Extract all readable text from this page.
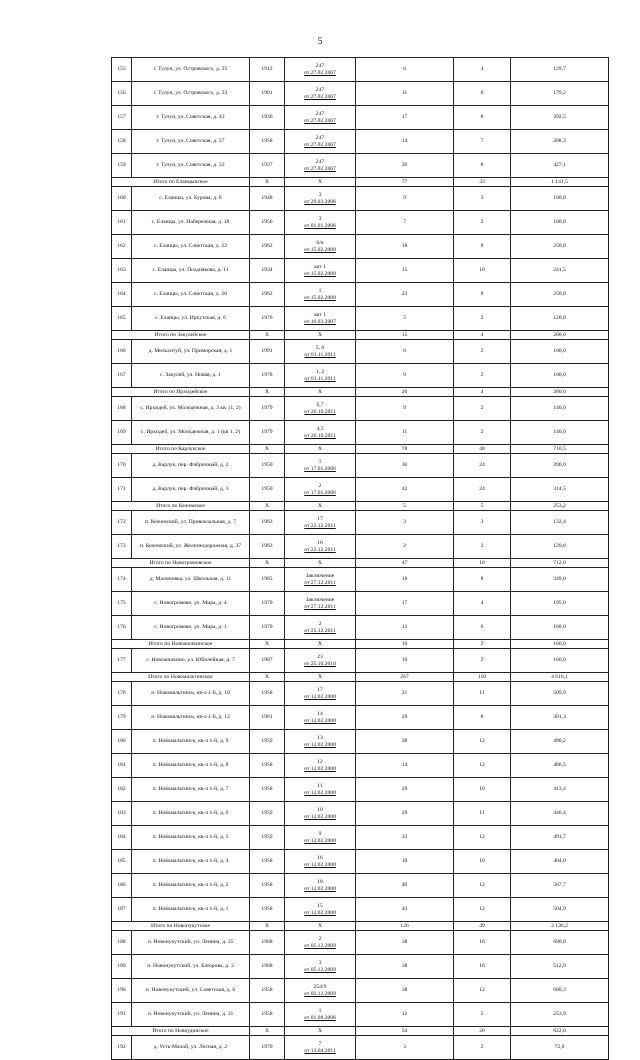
5
155	г. Тулун, ул. Островского, д. 25	1912	247
от 27.02.2007	6	4	129,7
156	г. Тулун, ул. Островского, д. 23	1901	247
от 27.02.2007	11	6	179,2
157	г. Тулун, ул. Советская, д. 43	1936	247
от 27.02.2007	17	8	392,5
158	г. Тулун, ул. Советская, д. 57	1958	247
от 27.02.2007	14	7	208,3
159	г. Тулун, ул. Советская, д. 33	1937	247
от 27.02.2007	20	8	427,1
Итого по Еланцынское		Х	Х	77	33	1 141,5
160	с. Еланцы, ул. Бурова, д. 8	1948	3
от 29.03.2006	9	3	100,0
161	с. Еланцы, ул. Набережная, д. 18	1956	3
от 01.01.2006	7	2	180,0
162	с. Еланцы, ул. Советская, д. 22	1962	6/н
от 15.02.2008	18	8	250,0
163	с. Еланцы, ул. Позднякова, д. 11	1934	акт 1
от 15.02.2008	15	10	241,5
164	с. Еланцы, ул. Советская, д. 20	1962	1
от 15.02.2008	23	8	250,0
165	с. Еланцы, ул. Иркутская, д. 6	1976	акт 1
от 16.03.2007	5	2	120,0
Итого по Закулейское		Х	Х	15	4	200,0
166	д. Мельхитуй, ул. Приморская, д. 1	1991	5, 6
от 01.11.2011	6	2	100,0
167	с. Закулей, ул. Новая, д. 1	1978	1, 2
от 01.11.2011	9	2	100,0
Итого по Ирхидейское		Х	Х	20	4	280,0
168	с. Ирхидей, ул. Молодежная, д. 3 кв. (1, 2)	1979	6,7
от 26.10.2011	9	2	140,0
169	с. Ирхидей, ул. Молодежная, д. 1 (кв 1, 2)	1979	4,5
от 26.10.2011	11	2	140,0
Итого по Карлукское		Х	Х	78	48	710,5
170	д. Карлук, пер. Фабричный, д. 2	1950	1
от 17.01.2006	36	24	396,0
171	д. Карлук, пер. Фабричный, д. 3	1950	2
от 17.01.2006	42	24	314,5
Итого по Кежемское		Х	Х	5	5	253,2
172	п. Кежемский, ул. Привокзальная, д. 7	1963	17
от 22.12.2011	3	3	132,4
173	п. Кежемский, ул. Железнодорожная, д. 37	1963	16
от 22.12.2011	2	2	120,8
Итого по Новогромовское		Х	Х	47	18	712,0
174	д. Малиновка, ул. Школьная, д. 11	1965	Заключение
от 27.12.2011	18	8	349,0
175	с. Новогромово, ул. Мира, д. 4	1970	Заключение
от 27.12.2011	17	4	195,0
176	с. Новогромово, ул. Мира, д. 1	1970	2
от 25.12.2011	12	6	168,0
Итого по Новожилкинское		Х	Х	10	2	160,0
177	с. Новожилкино, ул. Юбилейная, д. 7	1987	23
от 25.10.2010	10	2	160,0
Итого по Новомальтинское		Х	Х	267	110	4 616,1
178	п. Новомальтинск, кв-л 1-й, д. 10	1958	17
от 12.02.2008	21	11	509,9
179	п. Новомальтинск, кв-л 1-й, д. 12	1961	14
от 12.02.2008	29	8	301,3
180	п. Новомальтинск, кв-л 1-й, д. 9	1959	13
от 12.02.2008	28	12	490,2
181	п. Новомальтинск, кв-л 1-й, д. 8	1958	12
от 12.02.2008	14	12	486,5
182	п. Новомальтинск, кв-л 1-й, д. 7	1958	11
от 12.02.2008	29	10	413,4
183	п. Новомальтинск, кв-л 1-й, д. 6	1959	10
от 12.02.2008	29	11	446,4
184	п. Новомальтинск, кв-л 1-й, д. 5	1959	9
от 12.02.2008	33	12	491,7
185	п. Новомальтинск, кв-л 1-й, д. 4	1958	16
от 12.02.2008	10	10	404,0
186	п. Новомальтинск, кв-л 1-й, д. 2	1958	18
от 12.02.2008	40	12	567,7
187	п. Новомальтинск, кв-л 1-й, д. 1	1958	15
от 12.02.2008	43	12	504,9
Итого по Новонукутское		Х	Х	126	49	2 136,2
188	п. Новонукутский, ул. Ленина, д. 35	1968	2
от 05.12.2009	38	16	690,0
189	п. Новонукутский, ул. Баторова, д. 3	1968	3
от 05.12.2009	38	16	512,0
190	п. Новонукутский, ул. Советская, д. 6	1958	254/9
от 02.12.2009	38	12	680,3
191	п. Новонукутский, ул. Ленина, д. 31	1958	1
от 01.08.2006	12	5	253,9
Итого по Новоудинское		Х	Х	54	20	622,0
192	д. Усть-Малой, ул. Лесная, д. 2	1970	7
от 13.04.2011	3	2	72,0
